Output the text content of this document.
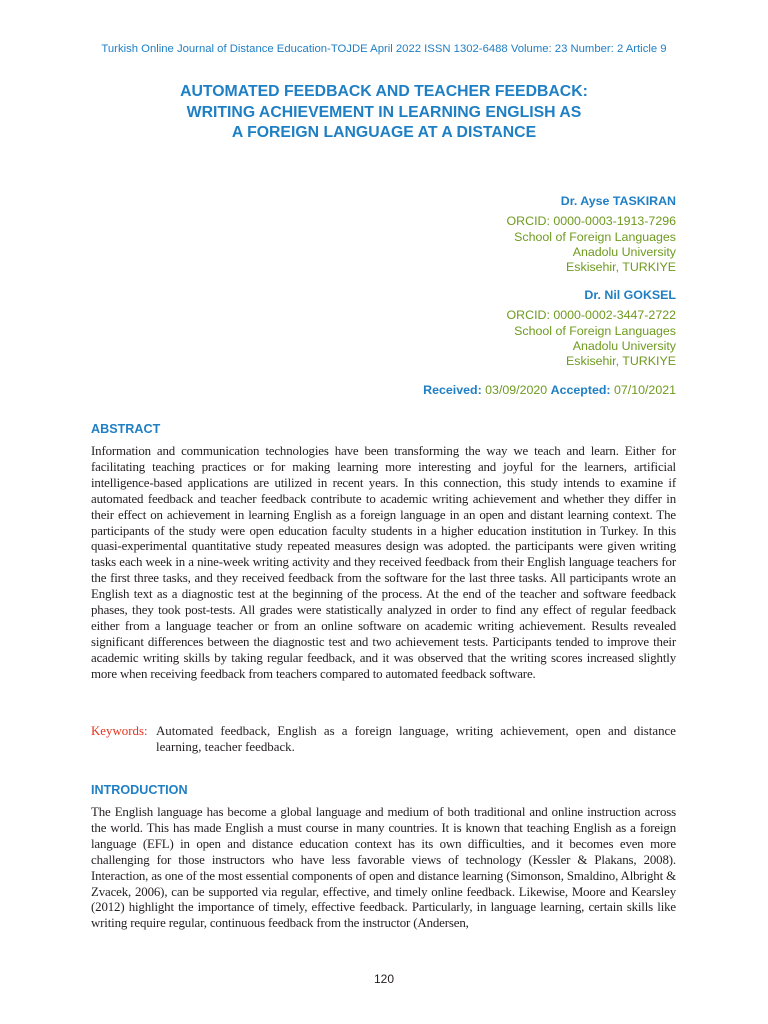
Turkish Online Journal of Distance Education-TOJDE April 2022 ISSN 1302-6488 Volume: 23 Number: 2 Article 9
AUTOMATED FEEDBACK AND TEACHER FEEDBACK:
WRITING ACHIEVEMENT IN LEARNING ENGLISH AS
A FOREIGN LANGUAGE AT A DISTANCE
Dr. Ayse TASKIRAN
ORCID: 0000-0003-1913-7296
School of Foreign Languages
Anadolu University
Eskisehir, TURKIYE
Dr. Nil GOKSEL
ORCID: 0000-0002-3447-2722
School of Foreign Languages
Anadolu University
Eskisehir, TURKIYE
Received: 03/09/2020 Accepted: 07/10/2021
ABSTRACT
Information and communication technologies have been transforming the way we teach and learn. Either for facilitating teaching practices or for making learning more interesting and joyful for the learners, artificial intelligence-based applications are utilized in recent years. In this connection, this study intends to examine if automated feedback and teacher feedback contribute to academic writing achievement and whether they differ in their effect on achievement in learning English as a foreign language in an open and distant learning context. The participants of the study were open education faculty students in a higher education institution in Turkey. In this quasi-experimental quantitative study repeated measures design was adopted. the participants were given writing tasks each week in a nine-week writing activity and they received feedback from their English language teachers for the first three tasks, and they received feedback from the software for the last three tasks. All participants wrote an English text as a diagnostic test at the beginning of the process. At the end of the teacher and software feedback phases, they took post-tests. All grades were statistically analyzed in order to find any effect of regular feedback either from a language teacher or from an online software on academic writing achievement. Results revealed significant differences between the diagnostic test and two achievement tests. Participants tended to improve their academic writing skills by taking regular feedback, and it was observed that the writing scores increased slightly more when receiving feedback from teachers compared to automated feedback software.
Keywords: Automated feedback, English as a foreign language, writing achievement, open and distance learning, teacher feedback.
INTRODUCTION
The English language has become a global language and medium of both traditional and online instruction across the world. This has made English a must course in many countries. It is known that teaching English as a foreign language (EFL) in open and distance education context has its own difficulties, and it becomes even more challenging for those instructors who have less favorable views of technology (Kessler & Plakans, 2008). Interaction, as one of the most essential components of open and distance learning (Simonson, Smaldino, Albright & Zvacek, 2006), can be supported via regular, effective, and timely online feedback. Likewise, Moore and Kearsley (2012) highlight the importance of timely, effective feedback. Particularly, in language learning, certain skills like writing require regular, continuous feedback from the instructor (Andersen,
120
